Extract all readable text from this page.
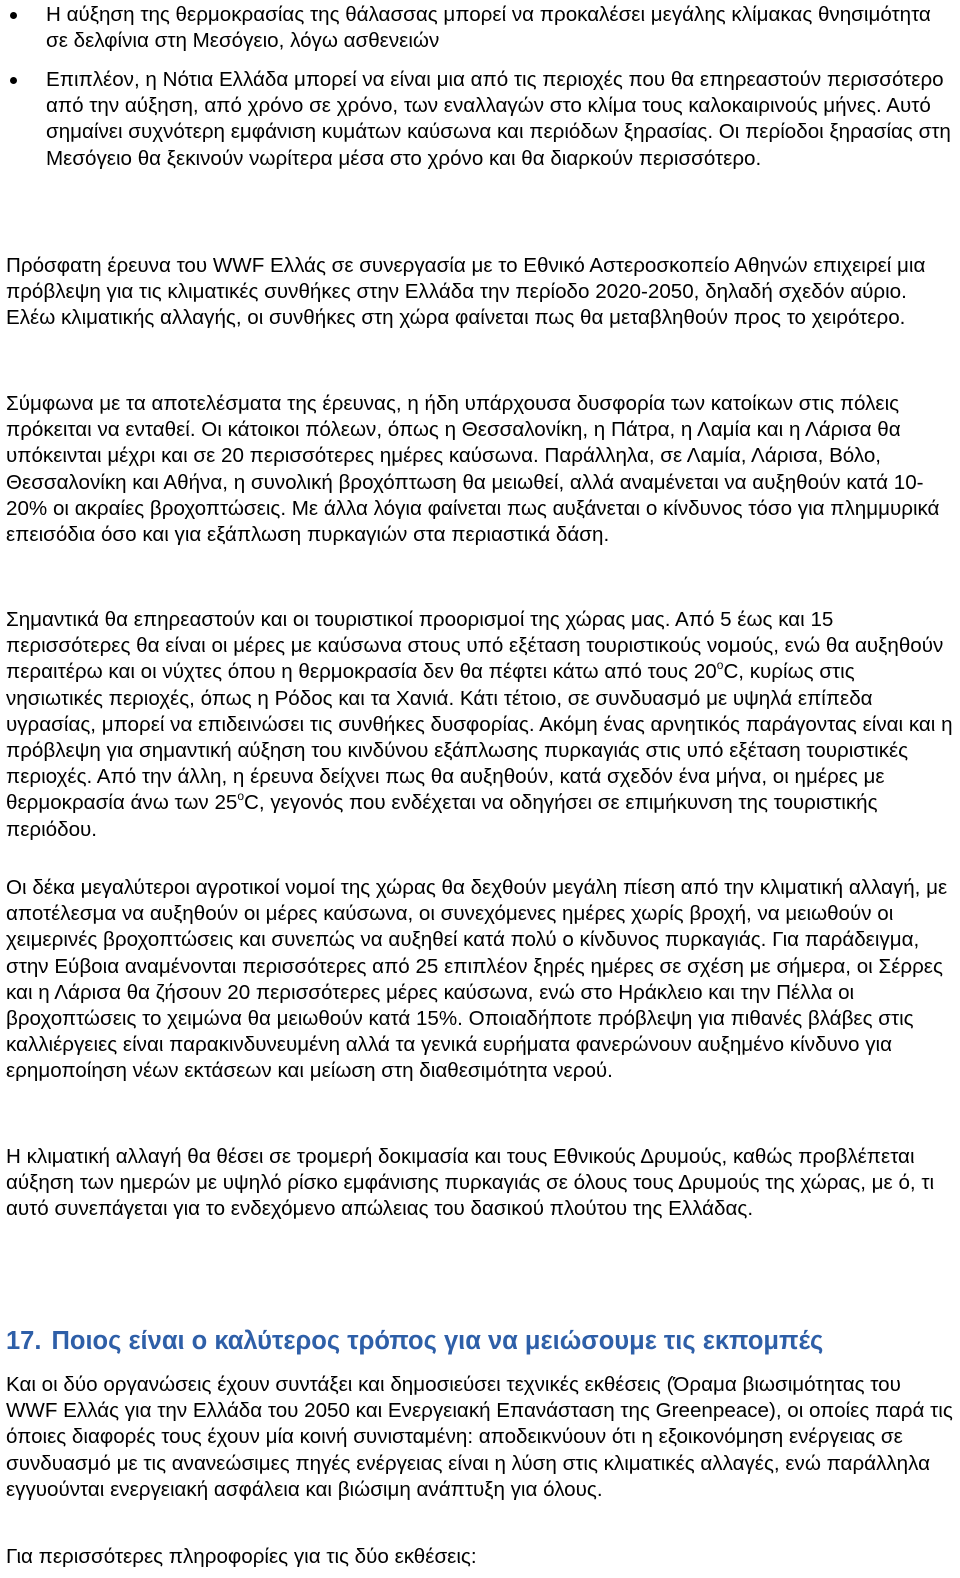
Η αύξηση της θερμοκρασίας της θάλασσας μπορεί να προκαλέσει μεγάλης κλίμακας θνησιμότητα σε δελφίνια στη Μεσόγειο, λόγω ασθενειών
Επιπλέον, η Νότια Ελλάδα μπορεί να είναι μια από τις περιοχές που θα επηρεαστούν περισσότερο από την αύξηση, από χρόνο σε χρόνο, των εναλλαγών στο κλίμα τους καλοκαιρινούς μήνες. Αυτό σημαίνει συχνότερη εμφάνιση κυμάτων καύσωνα και περιόδων ξηρασίας. Οι περίοδοι ξηρασίας στη Μεσόγειο θα ξεκινούν νωρίτερα μέσα στο χρόνο και θα διαρκούν περισσότερο.

Πρόσφατη έρευνα του WWF Ελλάς σε συνεργασία με το Εθνικό Αστεροσκοπείο Αθηνών επιχειρεί μια πρόβλεψη για τις κλιματικές συνθήκες στην Ελλάδα την περίοδο 2020-2050, δηλαδή σχεδόν αύριο. Ελέω κλιματικής αλλαγής, οι συνθήκες στη χώρα φαίνεται πως θα μεταβληθούν προς το χειρότερο.

Σύμφωνα με τα αποτελέσματα της έρευνας, η ήδη υπάρχουσα δυσφορία των κατοίκων στις πόλεις πρόκειται να ενταθεί. Οι κάτοικοι πόλεων, όπως η Θεσσαλονίκη, η Πάτρα, η Λαμία και η Λάρισα θα υπόκεινται μέχρι και σε 20 περισσότερες ημέρες καύσωνα. Παράλληλα, σε Λαμία, Λάρισα, Βόλο, Θεσσαλονίκη και Αθήνα, η συνολική βροχόπτωση θα μειωθεί, αλλά αναμένεται να αυξηθούν κατά 10-20% οι ακραίες βροχοπτώσεις. Με άλλα λόγια φαίνεται πως αυξάνεται ο κίνδυνος τόσο για πλημμυρικά επεισόδια όσο και για εξάπλωση πυρκαγιών στα περιαστικά δάση.

Σημαντικά θα επηρεαστούν και οι τουριστικοί προορισμοί της χώρας μας. Από 5 έως και 15 περισσότερες θα είναι οι μέρες με καύσωνα στους υπό εξέταση τουριστικούς νομούς, ενώ θα αυξηθούν περαιτέρω και οι νύχτες όπου η θερμοκρασία δεν θα πέφτει κάτω από τους 20$^o$C, κυρίως στις νησιωτικές περιοχές, όπως η Ρόδος και τα Χανιά. Κάτι τέτοιο, σε συνδυασμό με υψηλά επίπεδα υγρασίας, μπορεί να επιδεινώσει τις συνθήκες δυσφορίας. Ακόμη ένας αρνητικός παράγοντας είναι και η πρόβλεψη για σημαντική αύξηση του κινδύνου εξάπλωσης πυρκαγιάς στις υπό εξέταση τουριστικές περιοχές. Από την άλλη, η έρευνα δείχνει πως θα αυξηθούν, κατά σχεδόν ένα μήνα, οι ημέρες με θερμοκρασία άνω των 25$^o$C, γεγονός που ενδέχεται να οδηγήσει σε επιμήκυνση της τουριστικής περιόδου.

Οι δέκα μεγαλύτεροι αγροτικοί νομοί της χώρας θα δεχθούν μεγάλη πίεση από την κλιματική αλλαγή, με αποτέλεσμα να αυξηθούν οι μέρες καύσωνα, οι συνεχόμενες ημέρες χωρίς βροχή, να μειωθούν οι χειμερινές βροχοπτώσεις και συνεπώς να αυξηθεί κατά πολύ ο κίνδυνος πυρκαγιάς. Για παράδειγμα, στην Εύβοια αναμένονται περισσότερες από 25 επιπλέον ξηρές ημέρες σε σχέση με σήμερα, οι Σέρρες και η Λάρισα θα ζήσουν 20 περισσότερες μέρες καύσωνα, ενώ στο Ηράκλειο και την Πέλλα οι βροχοπτώσεις το χειμώνα θα μειωθούν κατά 15%. Οποιαδήποτε πρόβλεψη για πιθανές βλάβες στις καλλιέργειες είναι παρακινδυνευμένη αλλά τα γενικά ευρήματα φανερώνουν αυξημένο κίνδυνο για ερημοποίηση νέων εκτάσεων και μείωση στη διαθεσιμότητα νερού.

Η κλιματική αλλαγή θα θέσει σε τρομερή δοκιμασία και τους Εθνικούς Δρυμούς, καθώς προβλέπεται αύξηση των ημερών με υψηλό ρίσκο εμφάνισης πυρκαγιάς σε όλους τους Δρυμούς της χώρας, με ό, τι αυτό συνεπάγεται για το ενδεχόμενο απώλειας του δασικού πλούτου της Ελλάδας.

17. Ποιος είναι ο καλύτερος τρόπος για να μειώσουμε τις εκπομπές

Και οι δύο οργανώσεις έχουν συντάξει και δημοσιεύσει τεχνικές εκθέσεις (Όραμα βιωσιμότητας του WWF Ελλάς για την Ελλάδα του 2050 και Ενεργειακή Επανάσταση της Greenpeace), οι οποίες παρά τις όποιες διαφορές τους έχουν μία κοινή συνισταμένη: αποδεικνύουν ότι η εξοικονόμηση ενέργειας σε συνδυασμό με τις ανανεώσιμες πηγές ενέργειας είναι η λύση στις κλιματικές αλλαγές, ενώ παράλληλα εγγυούνται ενεργειακή ασφάλεια και βιώσιμη ανάπτυξη για όλους.

Για περισσότερες πληροφορίες για τις δύο εκθέσεις:
